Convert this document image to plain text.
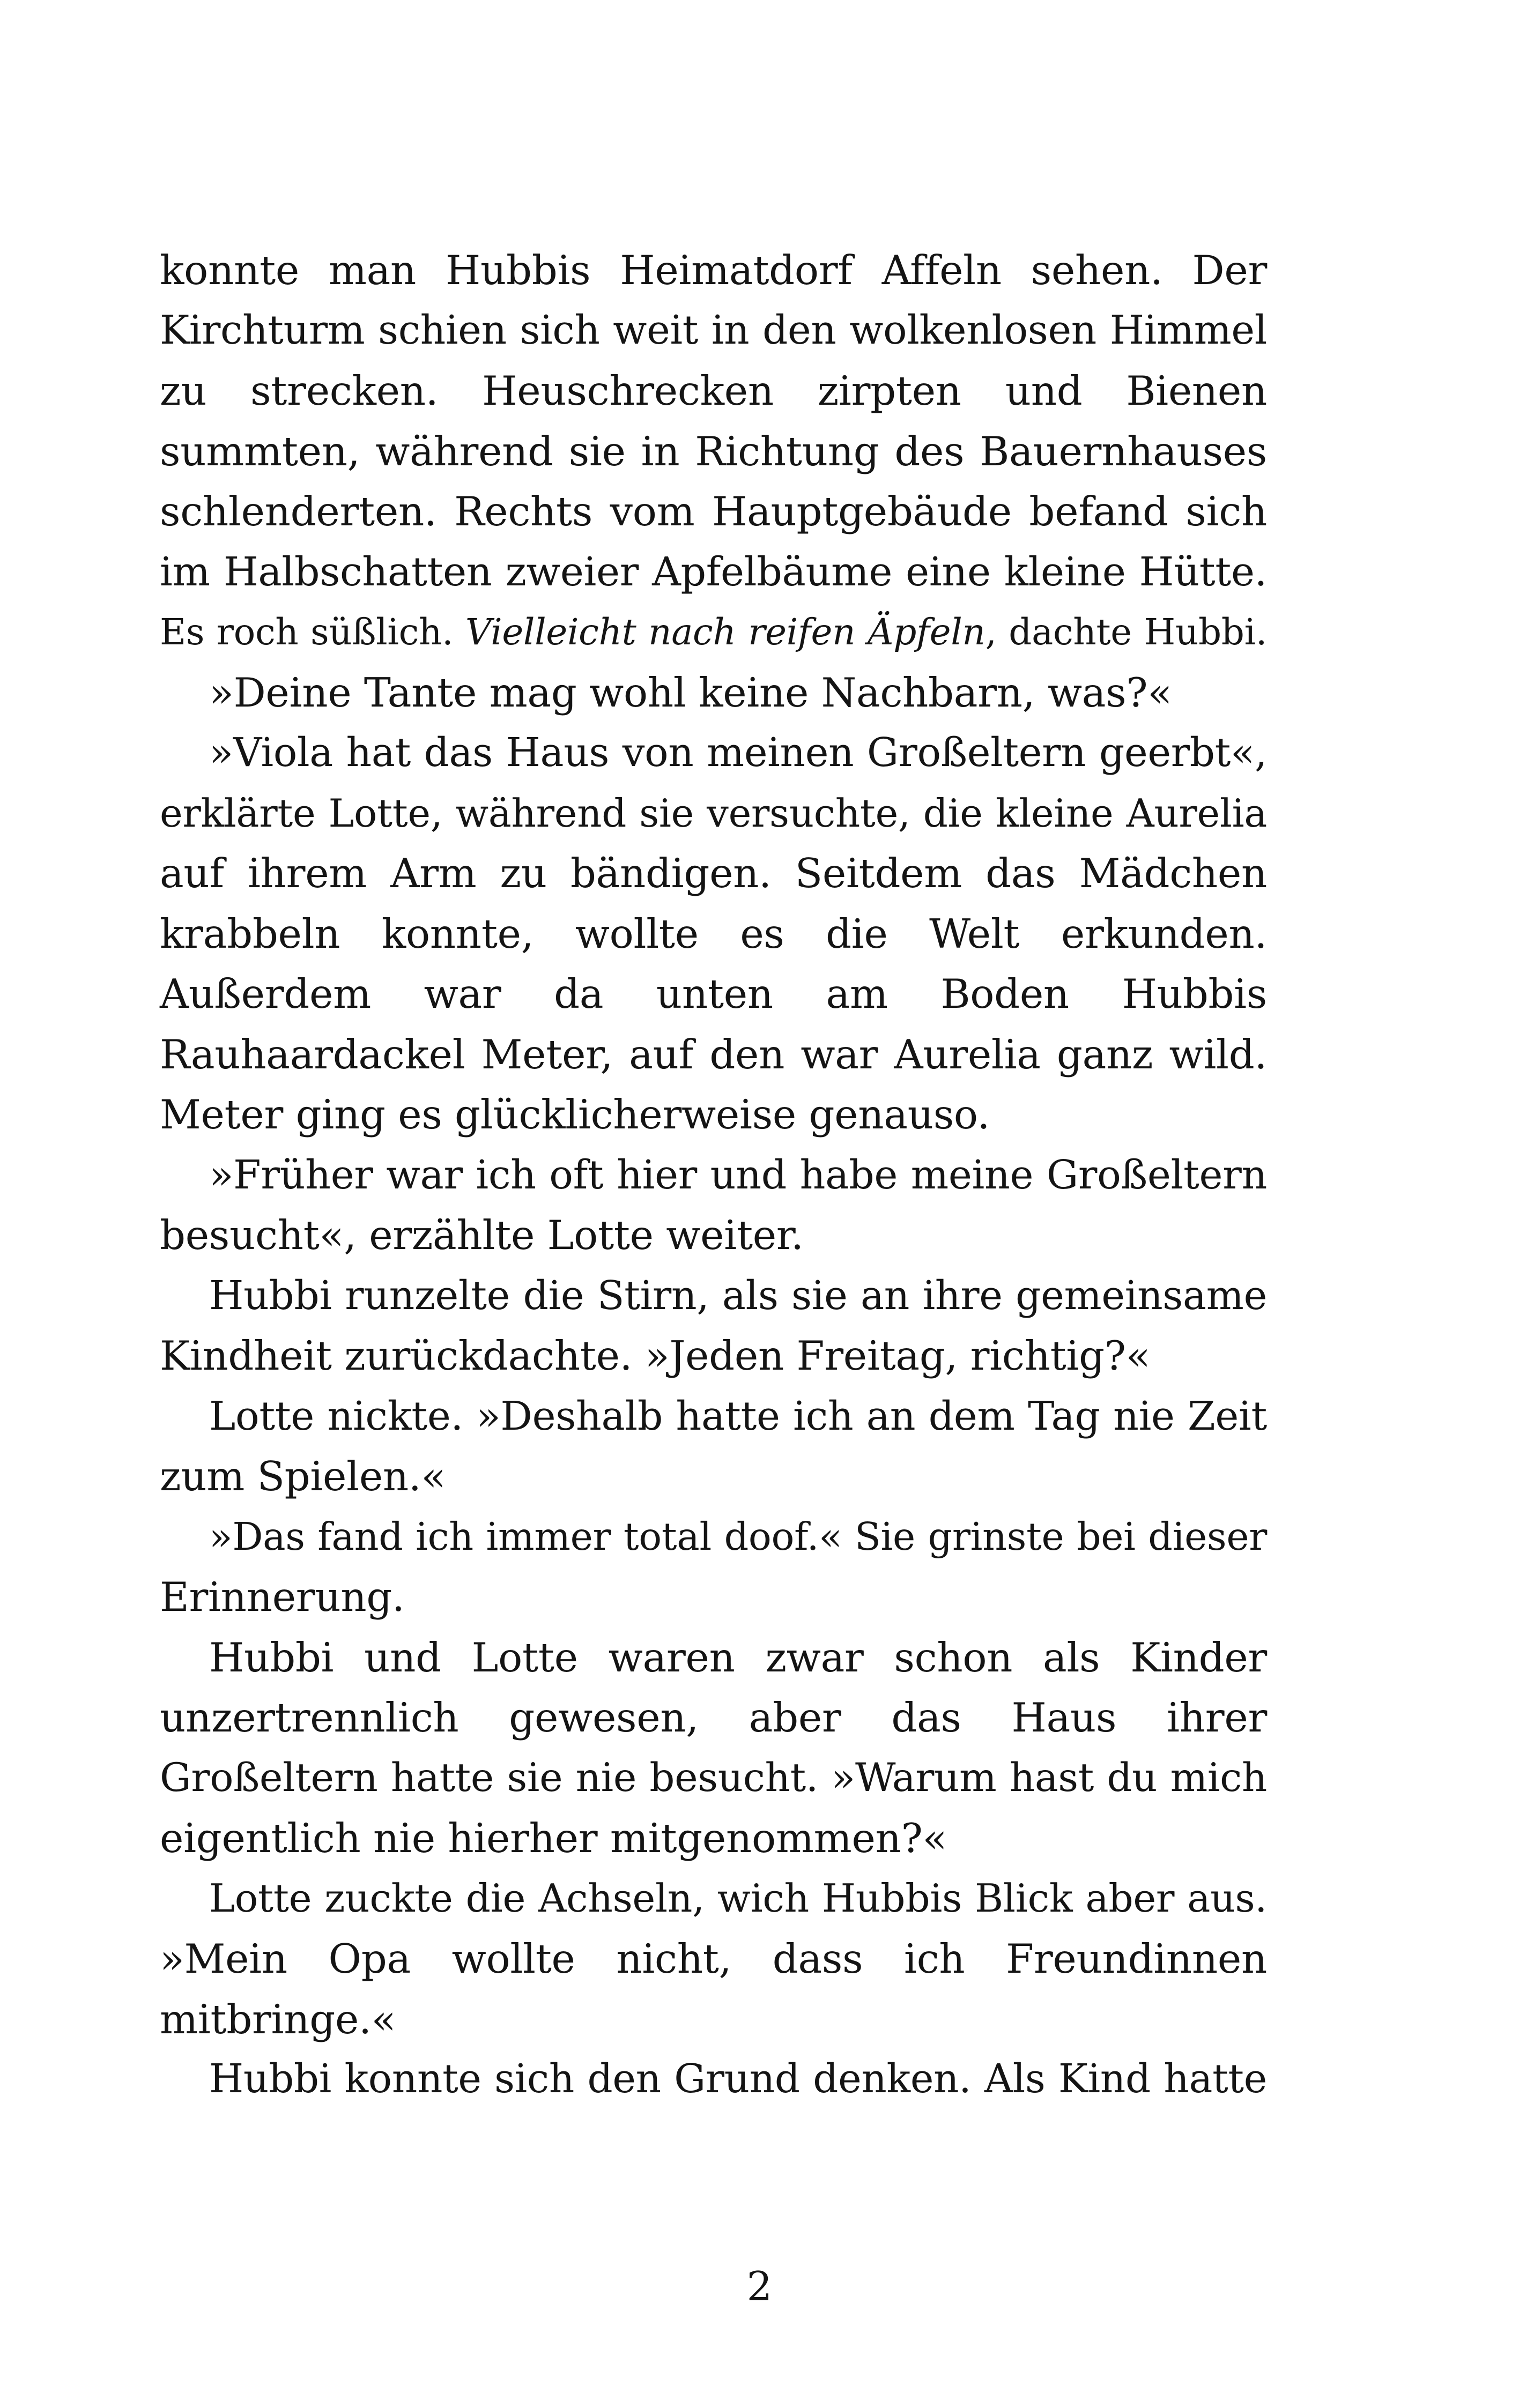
konnte man Hubbis Heimatdorf Affeln sehen. Der
Kirchturm schien sich weit in den wolkenlosen Himmel
zu strecken. Heuschrecken zirpten und Bienen
summten, während sie in Richtung des Bauernhauses
schlenderten. Rechts vom Hauptgebäude befand sich
im Halbschatten zweier Apfelbäume eine kleine Hütte.
Es roch süßlich. Vielleicht nach reifen Äpfeln, dachte Hubbi.
»Deine Tante mag wohl keine Nachbarn, was?«
»Viola hat das Haus von meinen Großeltern geerbt«,
erklärte Lotte, während sie versuchte, die kleine Aurelia
auf ihrem Arm zu bändigen. Seitdem das Mädchen
krabbeln konnte, wollte es die Welt erkunden.
Außerdem war da unten am Boden Hubbis
Rauhaardackel Meter, auf den war Aurelia ganz wild.
Meter ging es glücklicherweise genauso.
»Früher war ich oft hier und habe meine Großeltern
besucht«, erzählte Lotte weiter.
Hubbi runzelte die Stirn, als sie an ihre gemeinsame
Kindheit zurückdachte. »Jeden Freitag, richtig?«
Lotte nickte. »Deshalb hatte ich an dem Tag nie Zeit
zum Spielen.«
»Das fand ich immer total doof.« Sie grinste bei dieser
Erinnerung.
Hubbi und Lotte waren zwar schon als Kinder
unzertrennlich gewesen, aber das Haus ihrer
Großeltern hatte sie nie besucht. »Warum hast du mich
eigentlich nie hierher mitgenommen?«
Lotte zuckte die Achseln, wich Hubbis Blick aber aus.
»Mein Opa wollte nicht, dass ich Freundinnen
mitbringe.«
Hubbi konnte sich den Grund denken. Als Kind hatte
2
